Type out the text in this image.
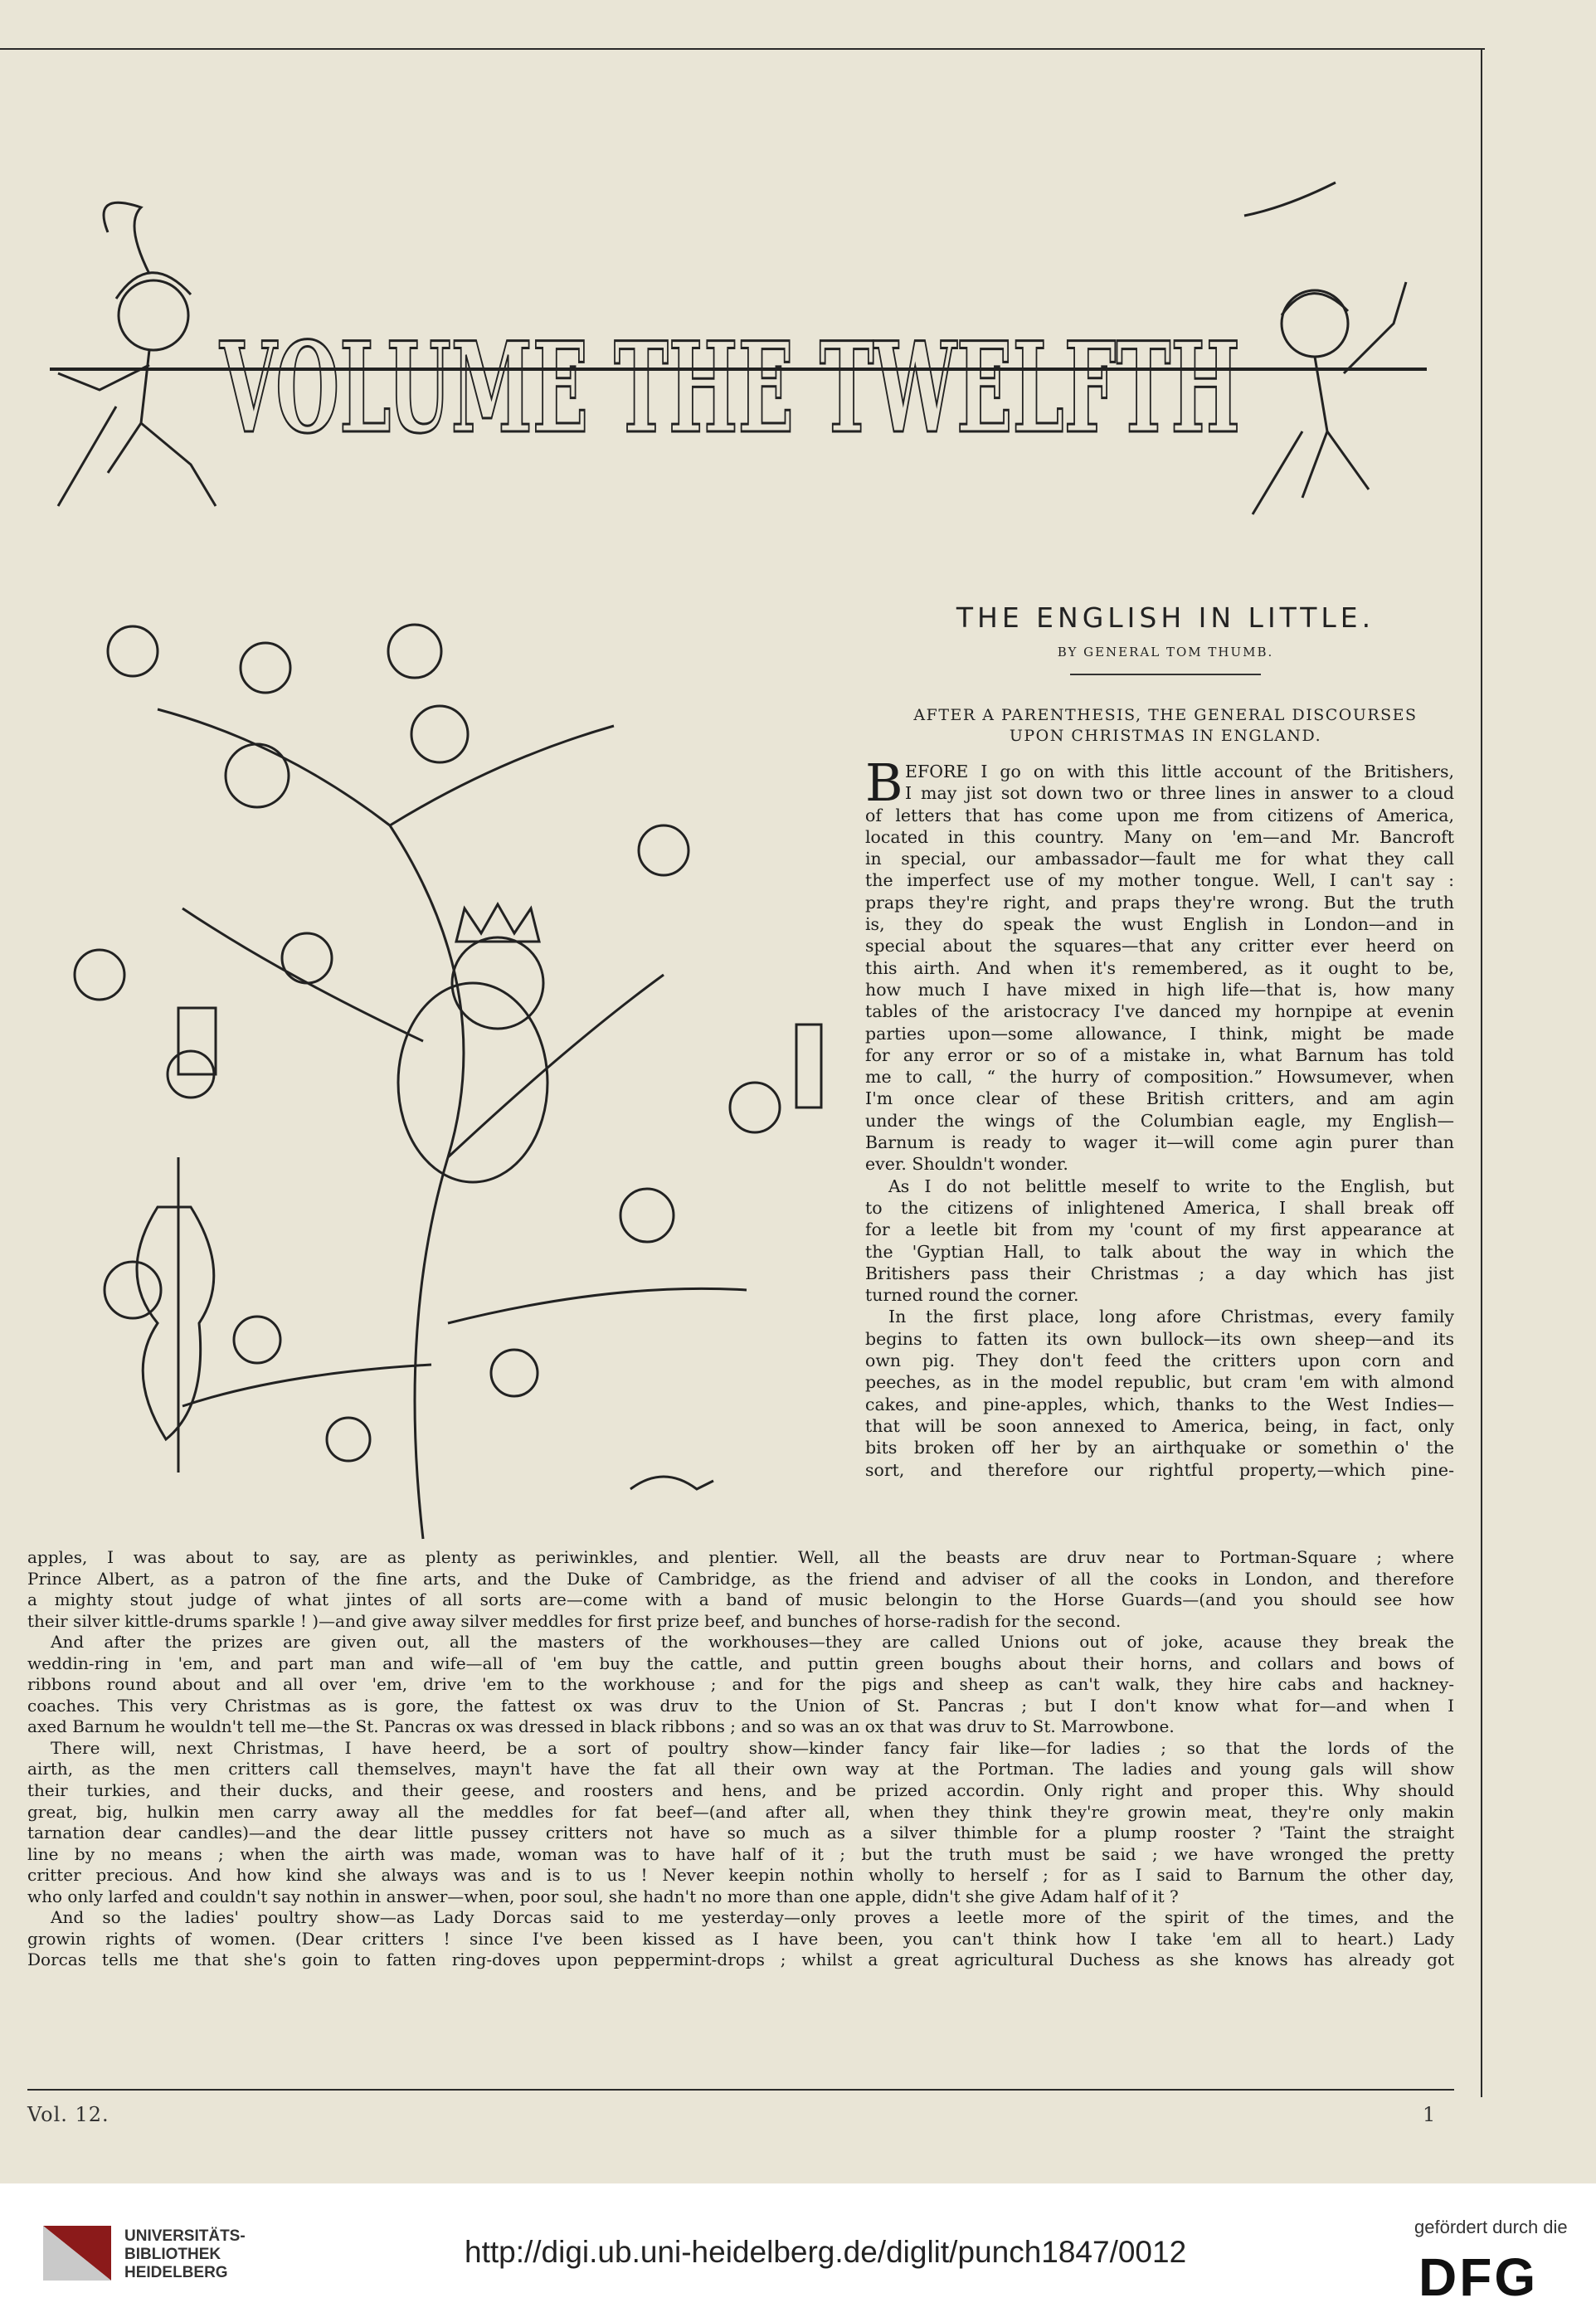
VOLUME THE TWELFTH
THE ENGLISH IN LITTLE.
BY GENERAL TOM THUMB.
AFTER A PARENTHESIS, THE GENERAL DISCOURSES
UPON CHRISTMAS IN ENGLAND.
EFORE I go on with this little account of the Britishers,
I may jist sot down two or three lines in answer to a cloud
of letters that has come upon me from citizens of America,
located in this country. Many on 'em—and Mr. Bancroft
in special, our ambassador—fault me for what they call
the imperfect use of my mother tongue. Well, I can't say :
praps they're right, and praps they're wrong. But the truth
is, they do speak the wust English in London—and in
special about the squares—that any critter ever heerd on
this airth. And when it's remembered, as it ought to be,
how much I have mixed in high life—that is, how many
tables of the aristocracy I've danced my hornpipe at evenin
parties upon—some allowance, I think, might be made
for any error or so of a mistake in, what Barnum has told
me to call, “ the hurry of composition.” Howsumever, when
I'm once clear of these British critters, and am agin
under the wings of the Columbian eagle, my English—
Barnum is ready to wager it—will come agin purer than
ever. Shouldn't wonder.
As I do not belittle meself to write to the English, but
to the citizens of inlightened America, I shall break off
for a leetle bit from my 'count of my first appearance at
the 'Gyptian Hall, to talk about the way in which the
Britishers pass their Christmas ; a day which has jist
turned round the corner.
In the first place, long afore Christmas, every family
begins to fatten its own bullock—its own sheep—and its
own pig. They don't feed the critters upon corn and
peeches, as in the model republic, but cram 'em with almond
cakes, and pine-apples, which, thanks to the West Indies—
that will be soon annexed to America, being, in fact, only
bits broken off her by an airthquake or somethin o' the
sort, and therefore our rightful property,—which pine-
B
apples, I was about to say, are as plenty as periwinkles, and plentier. Well, all the beasts are druv near to Portman-Square ; where
Prince Albert, as a patron of the fine arts, and the Duke of Cambridge, as the friend and adviser of all the cooks in London, and therefore
a mighty stout judge of what jintes of all sorts are—come with a band of music belongin to the Horse Guards—(and you should see how
their silver kittle-drums sparkle ! )—and give away silver meddles for first prize beef, and bunches of horse-radish for the second.
And after the prizes are given out, all the masters of the workhouses—they are called Unions out of joke, acause they break the
weddin-ring in 'em, and part man and wife—all of 'em buy the cattle, and puttin green boughs about their horns, and collars and bows of
ribbons round about and all over 'em, drive 'em to the workhouse ; and for the pigs and sheep as can't walk, they hire cabs and hackney-
coaches. This very Christmas as is gore, the fattest ox was druv to the Union of St. Pancras ; but I don't know what for—and when I
axed Barnum he wouldn't tell me—the St. Pancras ox was dressed in black ribbons ; and so was an ox that was druv to St. Marrowbone.
There will, next Christmas, I have heerd, be a sort of poultry show—kinder fancy fair like—for ladies ; so that the lords of the
airth, as the men critters call themselves, mayn't have the fat all their own way at the Portman. The ladies and young gals will show
their turkies, and their ducks, and their geese, and roosters and hens, and be prized accordin. Only right and proper this. Why should
great, big, hulkin men carry away all the meddles for fat beef—(and after all, when they think they're growin meat, they're only makin
tarnation dear candles)—and the dear little pussey critters not have so much as a silver thimble for a plump rooster ? 'Taint the straight
line by no means ; when the airth was made, woman was to have half of it ; but the truth must be said ; we have wronged the pretty
critter precious. And how kind she always was and is to us ! Never keepin nothin wholly to herself ; for as I said to Barnum the other day,
who only larfed and couldn't say nothin in answer—when, poor soul, she hadn't no more than one apple, didn't she give Adam half of it ?
And so the ladies' poultry show—as Lady Dorcas said to me yesterday—only proves a leetle more of the spirit of the times, and the
growin rights of women. (Dear critters ! since I've been kissed as I have been, you can't think how I take 'em all to heart.) Lady
Dorcas tells me that she's goin to fatten ring-doves upon peppermint-drops ; whilst a great agricultural Duchess as she knows has already got
Vol. 12.	1
UNIVERSITÄTS-
BIBLIOTHEK
HEIDELBERG
http://digi.ub.uni-heidelberg.de/diglit/punch1847/0012
gefördert durch die
DFG
